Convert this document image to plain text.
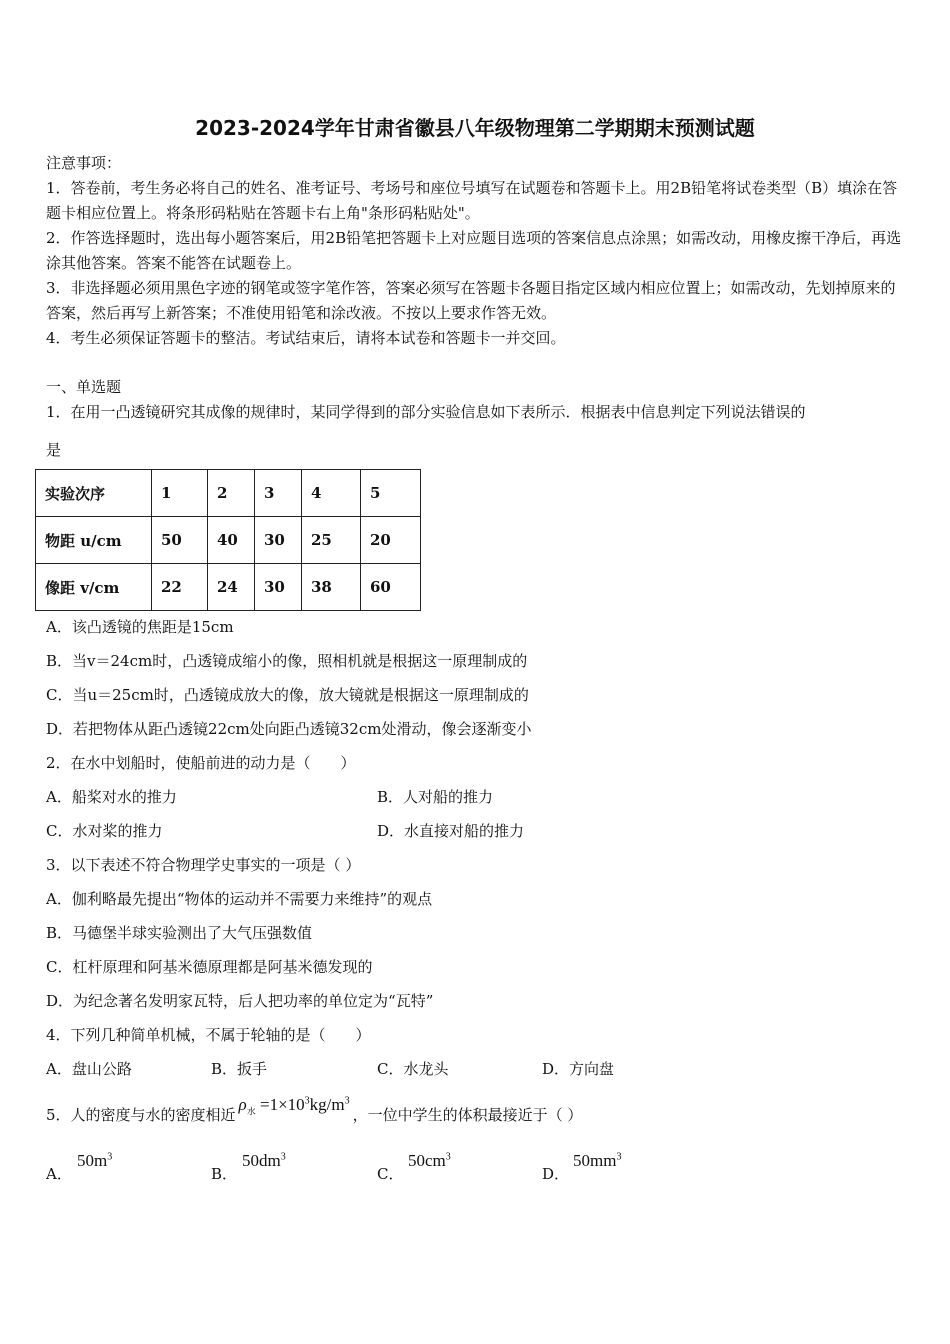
2023-2024学年甘肃省徽县八年级物理第二学期期末预测试题

注意事项：

1．答卷前，考生务必将自己的姓名、准考证号、考场号和座位号填写在试题卷和答题卡上。用2B铅笔将试卷类型（B）填涂在答题卡相应位置上。将条形码粘贴在答题卡右上角"条形码粘贴处"。

2．作答选择题时，选出每小题答案后，用2B铅笔把答题卡上对应题目选项的答案信息点涂黑；如需改动，用橡皮擦干净后，再选涂其他答案。答案不能答在试题卷上。

3．非选择题必须用黑色字迹的钢笔或签字笔作答，答案必须写在答题卡各题目指定区域内相应位置上；如需改动，先划掉原来的答案，然后再写上新答案；不准使用铅笔和涂改液。不按以上要求作答无效。

4．考生必须保证答题卡的整洁。考试结束后，请将本试卷和答题卡一并交回。

一、单选题
1．在用一凸透镜研究其成像的规律时，某同学得到的部分实验信息如下表所示．根据表中信息判定下列说法错误的
是
实验次序	1	2	3	4	5
物距 u/cm	50	40	30	25	20
像距 v/cm	22	24	30	38	60
A．该凸透镜的焦距是15cm
B．当v＝24cm时，凸透镜成缩小的像，照相机就是根据这一原理制成的
C．当u＝25cm时，凸透镜成放大的像，放大镜就是根据这一原理制成的
D．若把物体从距凸透镜22cm处向距凸透镜32cm处滑动，像会逐渐变小
2．在水中划船时，使船前进的动力是（　　）
A．船桨对水的推力	B．人对船的推力
C．水对桨的推力	D．水直接对船的推力
3．以下表述不符合物理学史事实的一项是（ ）
A．伽利略最先提出“物体的运动并不需要力来维持”的观点
B．马德堡半球实验测出了大气压强数值
C．杠杆原理和阿基米德原理都是阿基米德发现的
D．为纪念著名发明家瓦特，后人把功率的单位定为“瓦特”
4．下列几种简单机械，不属于轮轴的是（　　）
A．盘山公路	B．扳手	C．水龙头	D．方向盘
5．人的密度与水的密度相近$\rho_水 =1\times 10^3kg/m^3$，一位中学生的体积最接近于（ ）
A．
$50m^3$
B．
$50dm^3$
C．
$50cm^3$
D．
$50mm^3$
